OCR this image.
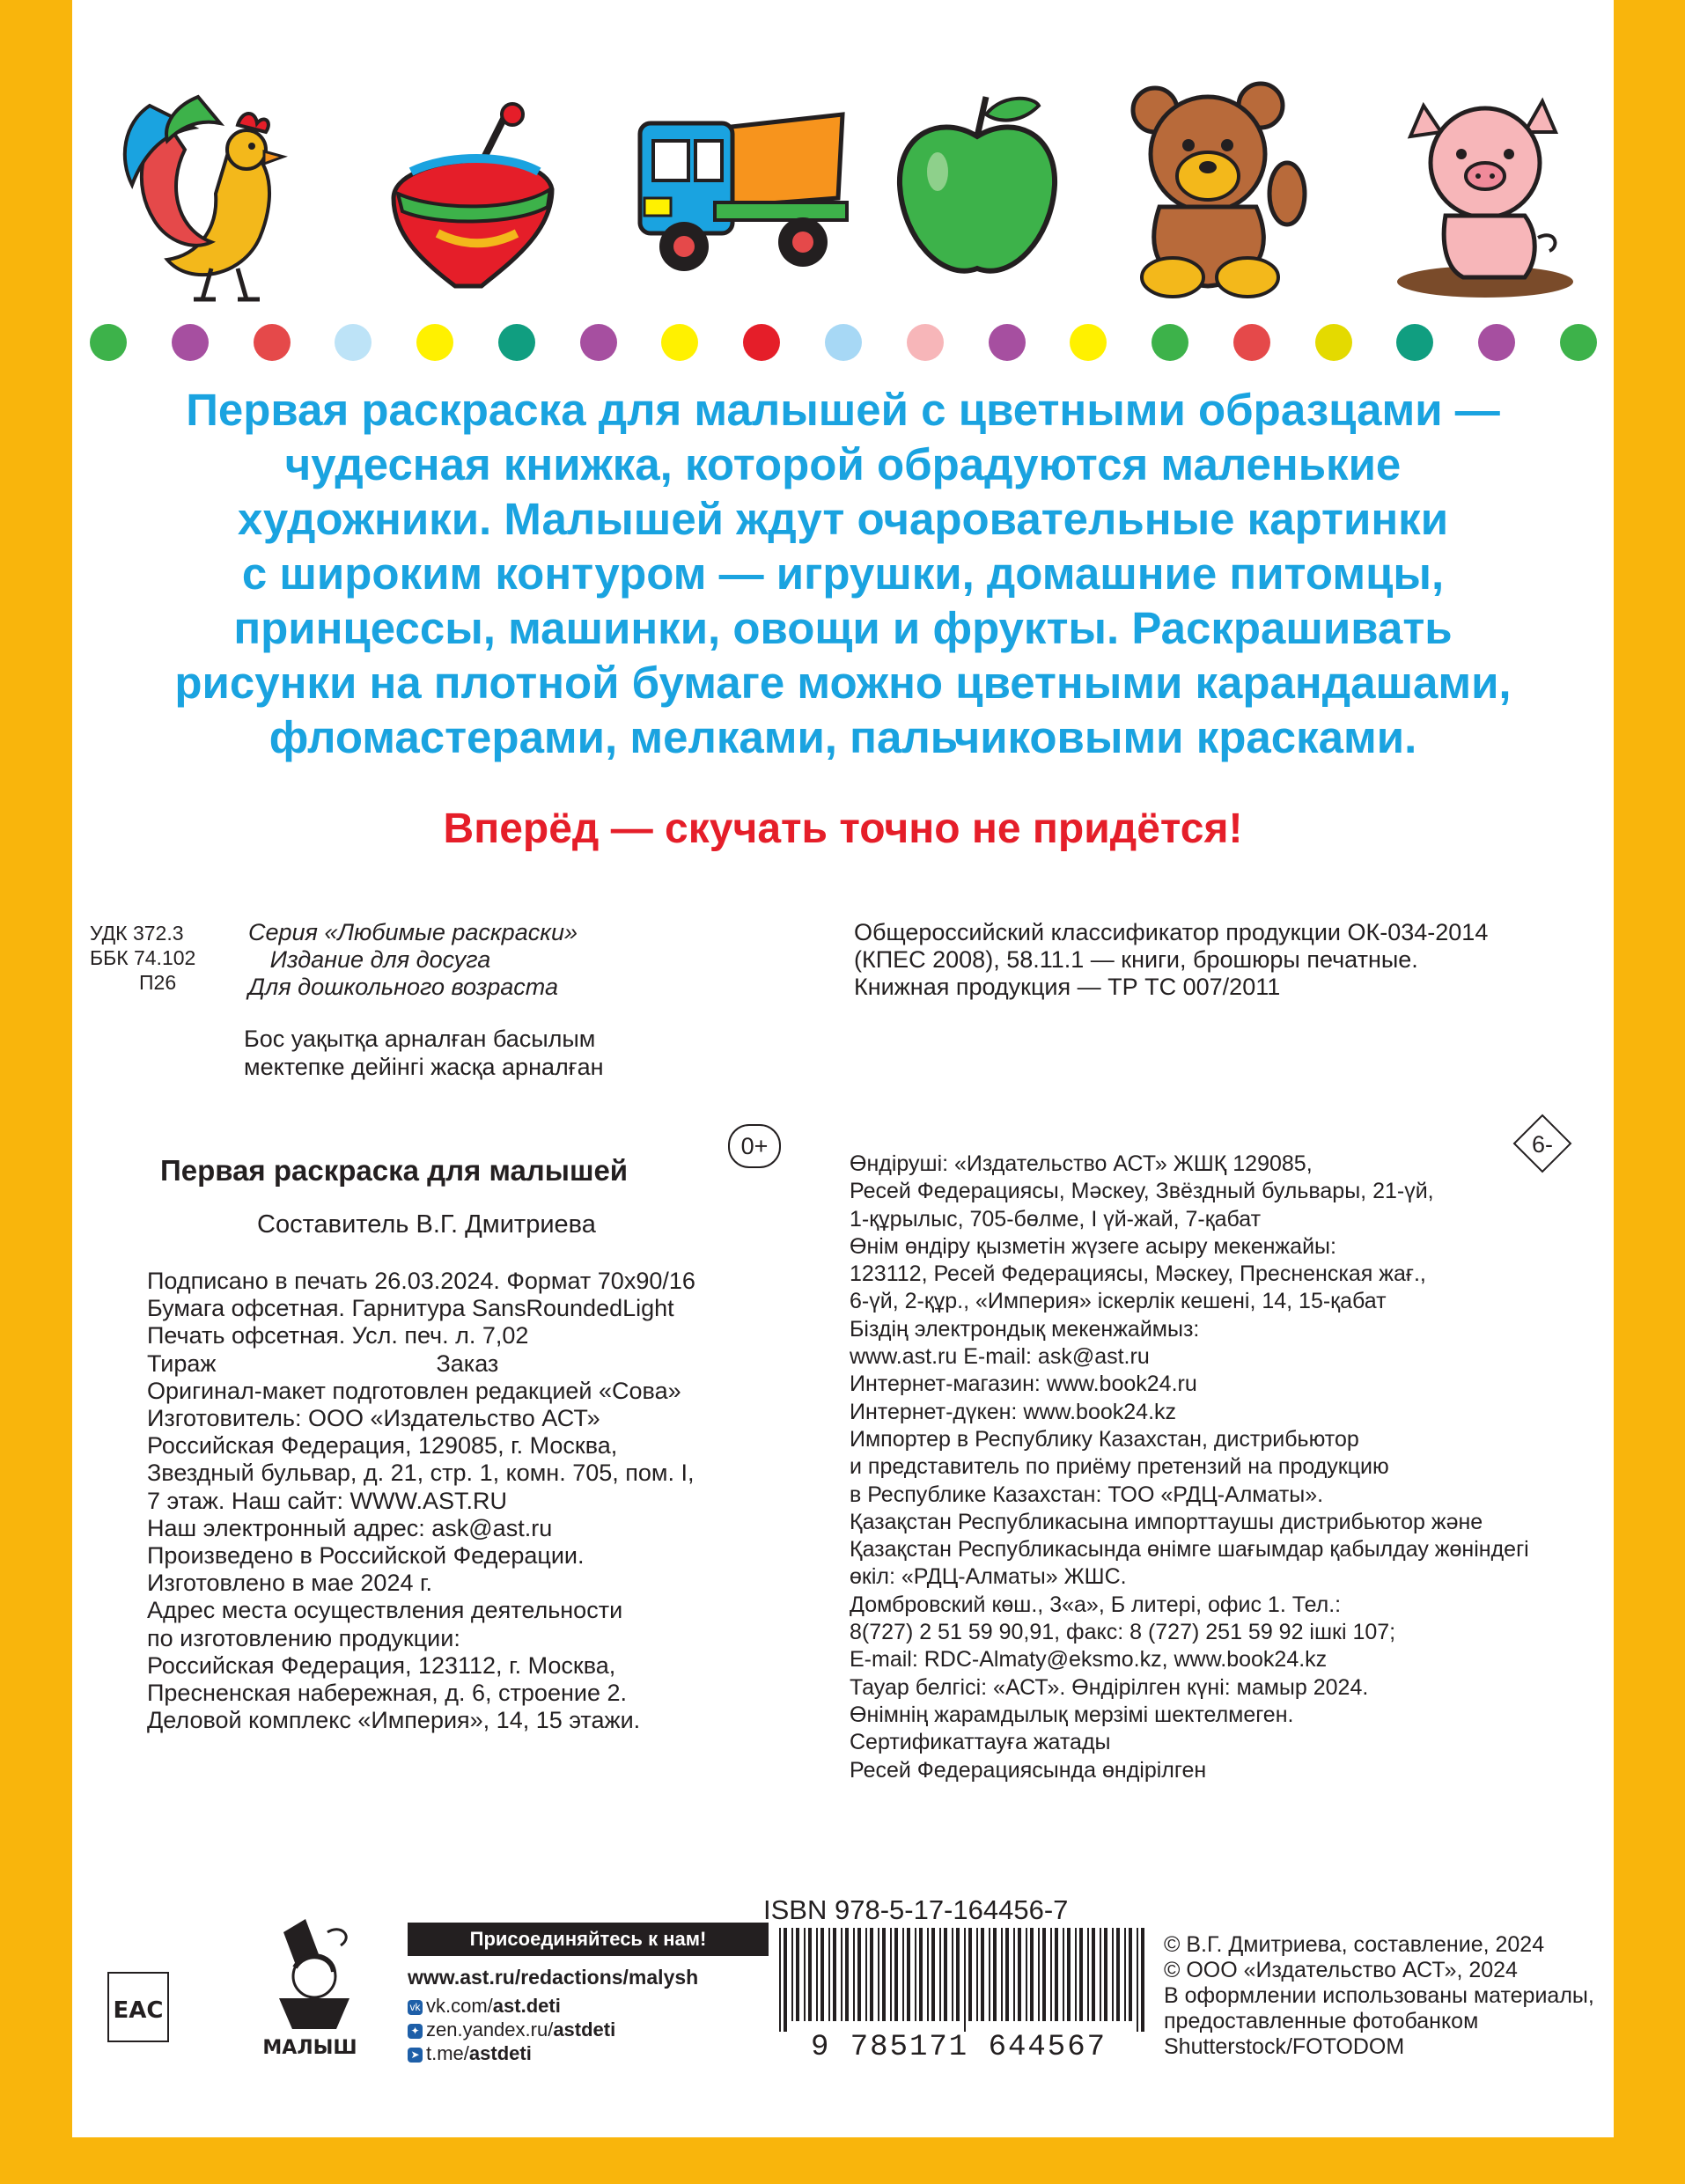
Первая раскраска для малышей с цветными образцами —
чудесная книжка, которой обрадуются маленькие
художники. Малышей ждут очаровательные картинки
с широким контуром — игрушки, домашние питомцы,
принцессы, машинки, овощи и фрукты. Раскрашивать
рисунки на плотной бумаге можно цветными карандашами,
фломастерами, мелками, пальчиковыми красками.
Вперёд — скучать точно не придётся!
УДК 372.3
ББК 74.102
П26
Серия «Любимые раскраски»
Издание для досуга
Для дошкольного возраста
Бос уақытқа арналған басылым
мектепке дейінгі жасқа арналған
Общероссийский классификатор продукции ОК-034-2014
(КПЕС 2008), 58.11.1 — книги, брошюры печатные.
Книжная продукция — ТР ТС 007/2011
0+	6-
Первая раскраска для малышей
Составитель В.Г. Дмитриева
Подписано в печать 26.03.2024. Формат 70x90/16
Бумага офсетная. Гарнитура SansRoundedLight
Печать офсетная. Усл. печ. л. 7,02
Тираж	Заказ
Оригинал-макет подготовлен редакцией «Сова»
Изготовитель: ООО «Издательство АСТ»
Российская Федерация, 129085, г. Москва,
Звездный бульвар, д. 21, стр. 1, комн. 705, пом. I,
7 этаж. Наш сайт: WWW.AST.RU
Наш электронный адрес: ask@ast.ru
Произведено в Российской Федерации.
Изготовлено в мае 2024 г.
Адрес места осуществления деятельности
по изготовлению продукции:
Российская Федерация, 123112, г. Москва,
Пресненская набережная, д. 6, строение 2.
Деловой комплекс «Империя», 14, 15 этажи.
Өндіруші: «Издательство АСТ» ЖШҚ 129085,
Ресей Федерациясы, Мәскеу, Звёздный бульвары, 21-үй,
1-құрылыс, 705-бөлме, I үй-жай, 7-қабат
Өнім өндіру қызметін жүзеге асыру мекенжайы:
123112, Ресей Федерациясы, Мәскеу, Пресненская жағ.,
6-үй, 2-құр., «Империя» іскерлік кешені, 14, 15-қабат
Біздің электрондық мекенжаймыз:
www.ast.ru E-mail: ask@ast.ru
Интернет-магазин: www.book24.ru
Интернет-дүкен: www.book24.kz
Импортер в Республику Казахстан, дистрибьютор
и представитель по приёму претензий на продукцию
в Республике Казахстан: ТОО «РДЦ-Алматы».
Қазақстан Республикасына импорттаушы дистрибьютор және
Қазақстан Республикасында өнімге шағымдар қабылдау жөніндегі
өкіл: «РДЦ-Алматы» ЖШС.
Домбровский көш., 3«а», Б литері, офис 1. Тел.:
8(727) 2 51 59 90,91, факс: 8 (727) 251 59 92 ішкі 107;
E-mail: RDC-Almaty@eksmo.kz, www.book24.kz
Тауар белгісі: «АСТ». Өндірілген күні: мамыр 2024.
Өнімнің жарамдылық мерзімі шектелмеген.
Сертификаттауға жатады
Ресей Федерациясында өндірілген
EAC
МАЛЫШ
Присоединяйтесь к нам!
www.ast.ru/redactions/malysh
vk vk.com/ast.deti
✦ zen.yandex.ru/astdeti
➤ t.me/astdeti
ISBN 978-5-17-164456-7
9 785171 644567
© В.Г. Дмитриева, составление, 2024
© ООО «Издательство АСТ», 2024
В оформлении использованы материалы,
предоставленные фотобанком
Shutterstock/FOTODOM
